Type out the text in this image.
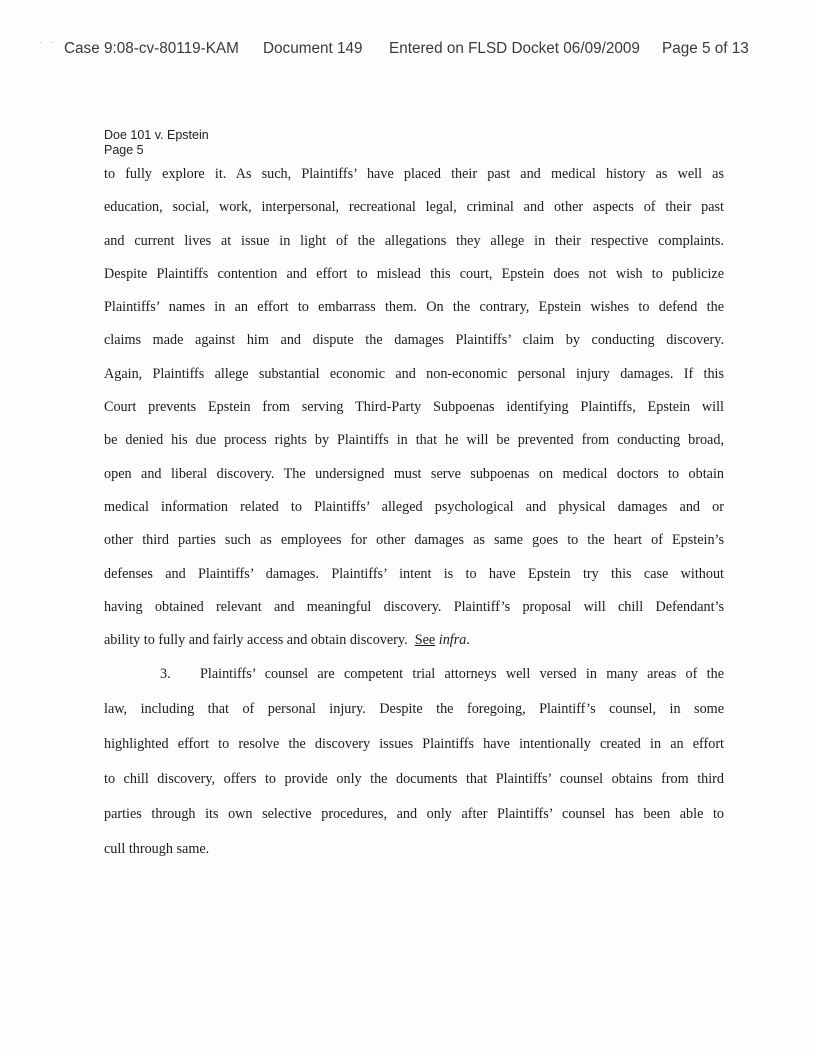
˙ ˙ Case 9:08-cv-80119-KAM Document 149 Entered on FLSD Docket 06/09/2009 Page 5 of 13
Doe 101 v. Epstein
Page 5
to fully explore it. As such, Plaintiffs’ have placed their past and medical history as well as
education, social, work, interpersonal, recreational legal, criminal and other aspects of their past
and current lives at issue in light of the allegations they allege in their respective complaints.
Despite Plaintiffs contention and effort to mislead this court, Epstein does not wish to publicize
Plaintiffs’ names in an effort to embarrass them. On the contrary, Epstein wishes to defend the
claims made against him and dispute the damages Plaintiffs’ claim by conducting discovery.
Again, Plaintiffs allege substantial economic and non-economic personal injury damages. If this
Court prevents Epstein from serving Third-Party Subpoenas identifying Plaintiffs, Epstein will
be denied his due process rights by Plaintiffs in that he will be prevented from conducting broad,
open and liberal discovery. The undersigned must serve subpoenas on medical doctors to obtain
medical information related to Plaintiffs’ alleged psychological and physical damages and or
other third parties such as employees for other damages as same goes to the heart of Epstein’s
defenses and Plaintiffs’ damages. Plaintiffs’ intent is to have Epstein try this case without
having obtained relevant and meaningful discovery. Plaintiff’s proposal will chill Defendant’s
ability to fully and fairly access and obtain discovery. See infra.
3. Plaintiffs’ counsel are competent trial attorneys well versed in many areas of the
law, including that of personal injury. Despite the foregoing, Plaintiff’s counsel, in some
highlighted effort to resolve the discovery issues Plaintiffs have intentionally created in an effort
to chill discovery, offers to provide only the documents that Plaintiffs’ counsel obtains from third
parties through its own selective procedures, and only after Plaintiffs’ counsel has been able to
cull through same.
